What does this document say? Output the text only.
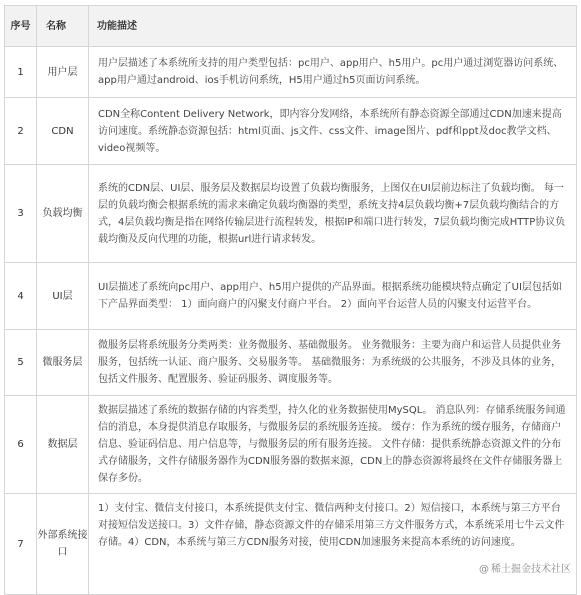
序号	名称	功能描述
1	用户层	用户层描述了本系统所支持的用户类型包括：pc用户、app用户、h5用户。pc用户通过浏览器访问系统、app用户通过android、ios手机访问系统，H5用户通过h5页面访问系统。
2	CDN	CDN全称Content Delivery Network，即内容分发网络，本系统所有静态资源全部通过CDN加速来提高访问速度。系统静态资源包括：html页面、js文件、css文件、image图片、pdf和ppt及doc教学文档、video视频等。
3	负载均衡	系统的CDN层、UI层、服务层及数据层均设置了负载均衡服务，上图仅在UI层前边标注了负载均衡。 每一层的负载均衡会根据系统的需求来确定负载均衡器的类型，系统支持4层负载均衡+7层负载均衡结合的方式，4层负载均衡是指在网络传输层进行流程转发，根据IP和端口进行转发，7层负载均衡完成HTTP协议负载均衡及反向代理的功能，根据url进行请求转发。
4	UI层	UI层描述了系统向pc用户、app用户、h5用户提供的产品界面。根据系统功能模块特点确定了UI层包括如下产品界面类型： 1）面向商户的闪聚支付商户平台。 2）面向平台运营人员的闪聚支付运营平台。
5	微服务层	微服务层将系统服务分类两类：业务微服务、基础微服务。 业务微服务：主要为商户和运营人员提供业务服务，包括统一认证、商户服务、交易服务等。 基础微服务：为系统级的公共服务，不涉及具体的业务，包括文件服务、配置服务、验证码服务、调度服务等。
6	数据层	数据层描述了系统的数据存储的内容类型，持久化的业务数据使用MySQL。 消息队列：存储系统服务间通信的消息，本身提供消息存取服务，与微服务层的系统服务连接。 缓存：作为系统的缓存服务，存储商户信息、验证码信息、用户信息等，与微服务层的所有服务连接。 文件存储：提供系统静态资源文件的分布式存储服务，文件存储服务器作为CDN服务器的数据来源，CDN上的静态资源将最终在文件存储服务器上保存多份。
7	外部系统接口	1）支付宝、微信支付接口，本系统提供支付宝、微信两种支付接口。2）短信接口，本系统与第三方平台对接短信发送接口。3）文件存储，静态资源文件的存储采用第三方文件服务方式，本系统采用七牛云文件存储。4）CDN，本系统与第三方CDN服务对接，使用CDN加速服务来提高本系统的访问速度。
@ 稀土掘金技术社区
